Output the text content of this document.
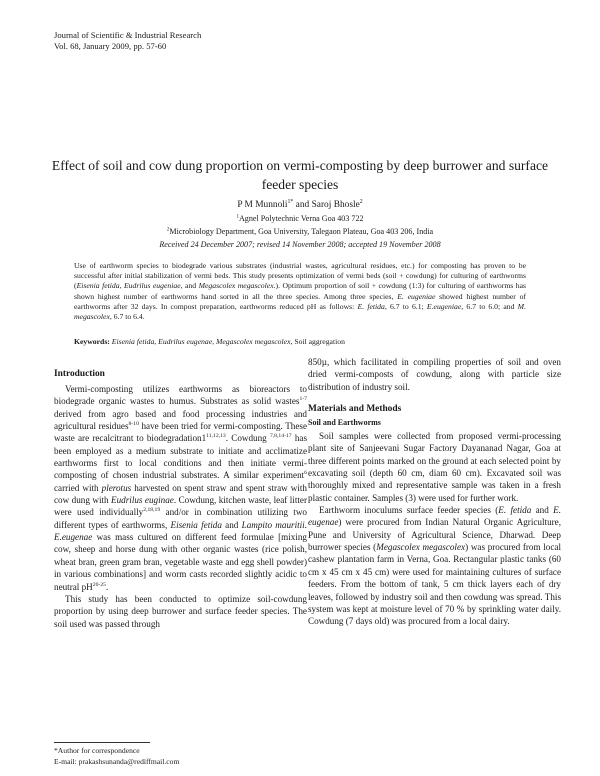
Journal of Scientific & Industrial Research
Vol. 68, January 2009, pp. 57-60
Effect of soil and cow dung proportion on vermi-composting by deep burrower and surface feeder species
P M Munnoli$^{1*}$ and Saroj Bhosle$^2$
$^1$Agnel Polytechnic Verna Goa 403 722
$^2$Microbiology Department, Goa University, Talegaon Plateau, Goa 403 206, India
Received 24 December 2007; revised 14 November 2008; accepted 19 November 2008

Use of earthworm species to biodegrade various substrates (industrial wastes, agricultural residues, etc.) for composting has proven to be successful after initial stabilization of vermi beds. This study presents optimization of vermi beds (soil + cowdung) for culturing of earthworms (Eisenia fetida, Eudrilus eugeniae, and Megascolex megascolex.). Optimum proportion of soil + cowdung (1:3) for culturing of earthworms has shown highest number of earthworms hand sorted in all the three species. Among three species, E. eugeniae showed highest number of earthworms after 32 days. In compost preparation, earthworms reduced pH as follows: E. fetida, 6.7 to 6.1; E.eugeniae, 6.7 to 6.0; and M. megascolex, 6.7 to 6.4.

Keywords: Eisenia fetida, Eudrilus eugenae, Megascolex megascolex, Soil aggregation

Introduction

Vermi-composting utilizes earthworms as bioreactors to biodegrade organic wastes to humus. Substrates as solid wastes$^{1-7}$ derived from agro based and food processing industries and agricultural residues$^{8-10}$ have been tried for vermi-composting. These waste are recalcitrant to biodegradation1$^{11,12,13}$. Cowdung $^{7,8,14-17}$ has been employed as a medium substrate to initiate and acclimatize earthworms first to local conditions and then initiate vermi-composting of chosen industrial substrates. A similar experiment$^6$ carried with plerotus harvested on spent straw and spent straw with cow dung with Eudrilus euginae. Cowdung, kitchen waste, leaf litter were used individually$^{2,18,19}$ and/or in combination utilizing two different types of earthworms, Eisenia fetida and Lampito mauritii. E.eugenae was mass cultured on different feed formulae [mixing cow, sheep and horse dung with other organic wastes (rice polish, wheat bran, green gram bran, vegetable waste and egg shell powder) in various combinations] and worm casts recorded slightly acidic to neutral $pH^{20-25}$.

This study has been conducted to optimize soil-cowdung proportion by using deep burrower and surface feeder species. The soil used was passed through

850µ, which facilitated in compiling properties of soil and oven dried vermi-composts of cowdung, along with particle size distribution of industry soil.

Materials and Methods
Soil and Earthworms

Soil samples were collected from proposed vermi-processing plant site of Sanjeevani Sugar Factory Dayananad Nagar, Goa at three different points marked on the ground at each selected point by excavating soil (depth 60 cm, diam 60 cm). Excavated soil was thoroughly mixed and representative sample was taken in a fresh plastic container. Samples (3) were used for further work.

Earthworm inoculums surface feeder species (E. fetida and E. eugenae) were procured from Indian Natural Organic Agriculture, Pune and University of Agricultural Science, Dharwad. Deep burrower species (Megascolex megascolex) was procured from local cashew plantation farm in Verna, Goa. Rectangular plastic tanks (60 cm x 45 cm x 45 cm) were used for maintaining cultures of surface feeders. From the bottom of tank, 5 cm thick layers each of dry leaves, followed by industry soil and then cowdung was spread. This system was kept at moisture level of 70 % by sprinkling water daily. Cowdung (7 days old) was procured from a local dairy.

*Author for correspondence
E-mail: prakashsunanda@rediffmail.com
